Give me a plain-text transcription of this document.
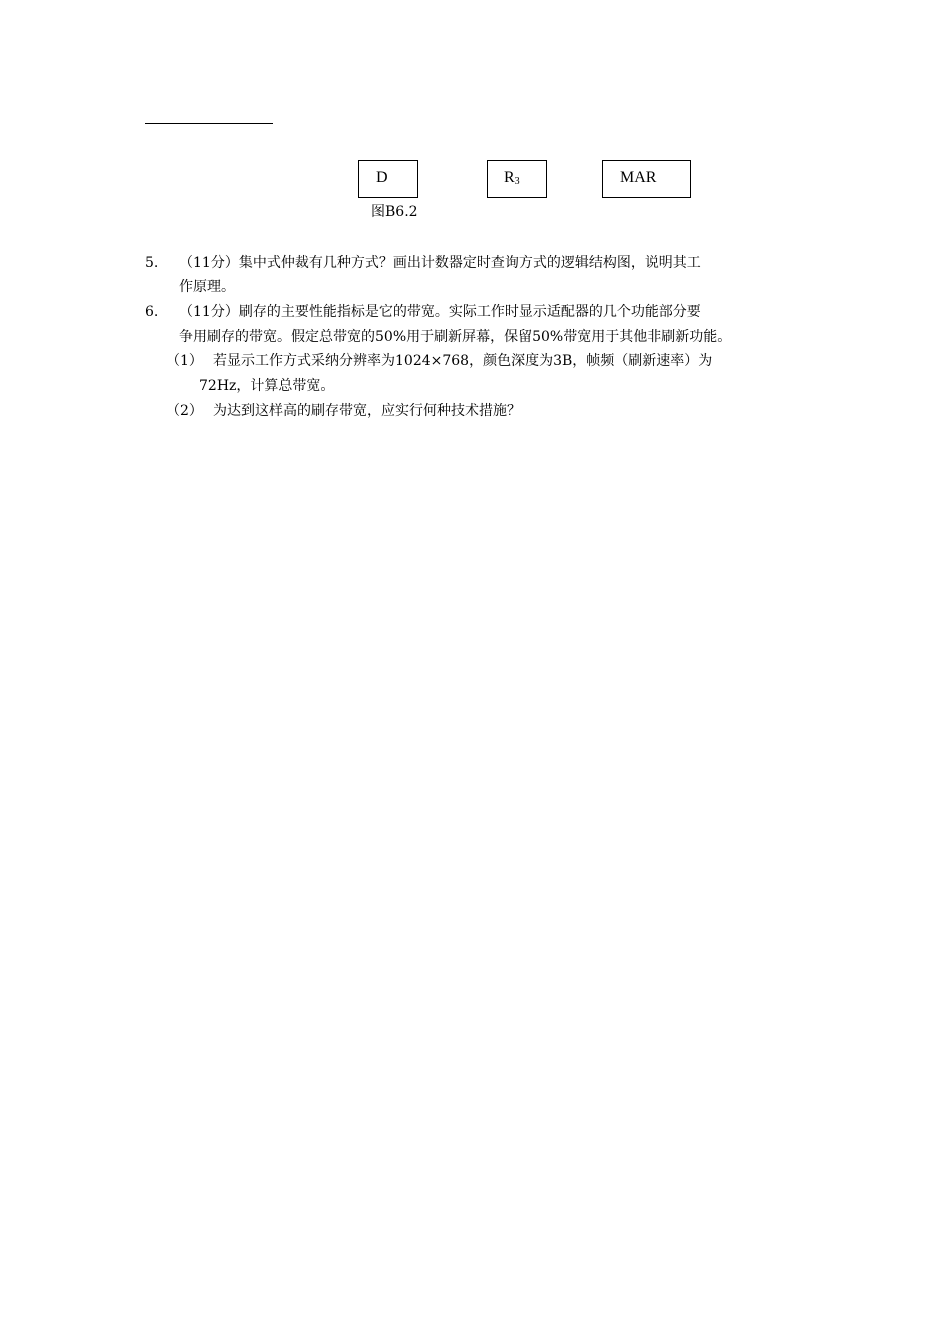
D	$R_3$	MAR
图B6.2
5. （11分）集中式仲裁有几种方式？画出计数器定时查询方式的逻辑结构图，说明其工
作原理。
6. （11分）刷存的主要性能指标是它的带宽。实际工作时显示适配器的几个功能部分要
争用刷存的带宽。假定总带宽的50%用于刷新屏幕，保留50%带宽用于其他非刷新功能。
（1） 若显示工作方式采纳分辨率为1024×768，颜色深度为3B，帧频（刷新速率）为
72Hz，计算总带宽。
（2） 为达到这样高的刷存带宽，应实行何种技术措施？
